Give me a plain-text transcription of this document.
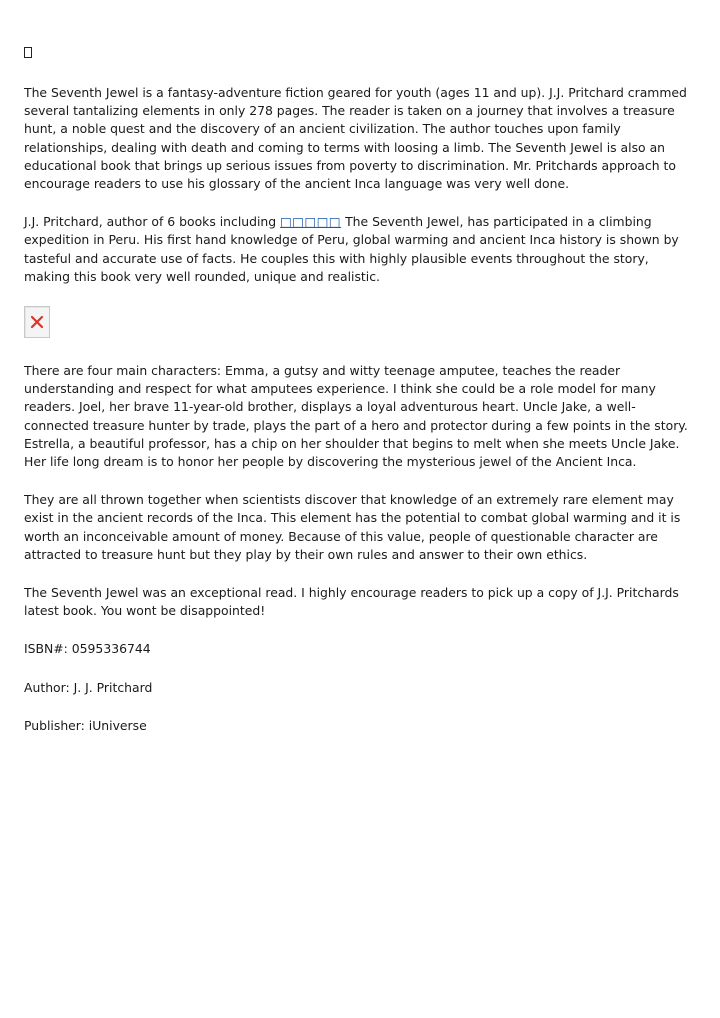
The Seventh Jewel is a fantasy-adventure fiction geared for youth (ages 11 and up). J.J. Pritchard crammed several tantalizing elements in only 278 pages. The reader is taken on a journey that involves a treasure hunt, a noble quest and the discovery of an ancient civilization. The author touches upon family relationships, dealing with death and coming to terms with loosing a limb. The Seventh Jewel is also an educational book that brings up serious issues from poverty to discrimination. Mr. Pritchards approach to encourage readers to use his glossary of the ancient Inca language was very well done.

J.J. Pritchard, author of 6 books including □□□□□ The Seventh Jewel, has participated in a climbing expedition in Peru. His first hand knowledge of Peru, global warming and ancient Inca history is shown by tasteful and accurate use of facts. He couples this with highly plausible events throughout the story, making this book very well rounded, unique and realistic.

There are four main characters: Emma, a gutsy and witty teenage amputee, teaches the reader understanding and respect for what amputees experience. I think she could be a role model for many readers. Joel, her brave 11-year-old brother, displays a loyal adventurous heart. Uncle Jake, a well-connected treasure hunter by trade, plays the part of a hero and protector during a few points in the story. Estrella, a beautiful professor, has a chip on her shoulder that begins to melt when she meets Uncle Jake. Her life long dream is to honor her people by discovering the mysterious jewel of the Ancient Inca.

They are all thrown together when scientists discover that knowledge of an extremely rare element may exist in the ancient records of the Inca. This element has the potential to combat global warming and it is worth an inconceivable amount of money. Because of this value, people of questionable character are attracted to treasure hunt but they play by their own rules and answer to their own ethics.

The Seventh Jewel was an exceptional read. I highly encourage readers to pick up a copy of J.J. Pritchards latest book. You wont be disappointed!

ISBN#: 0595336744
Author: J. J. Pritchard
Publisher: iUniverse
